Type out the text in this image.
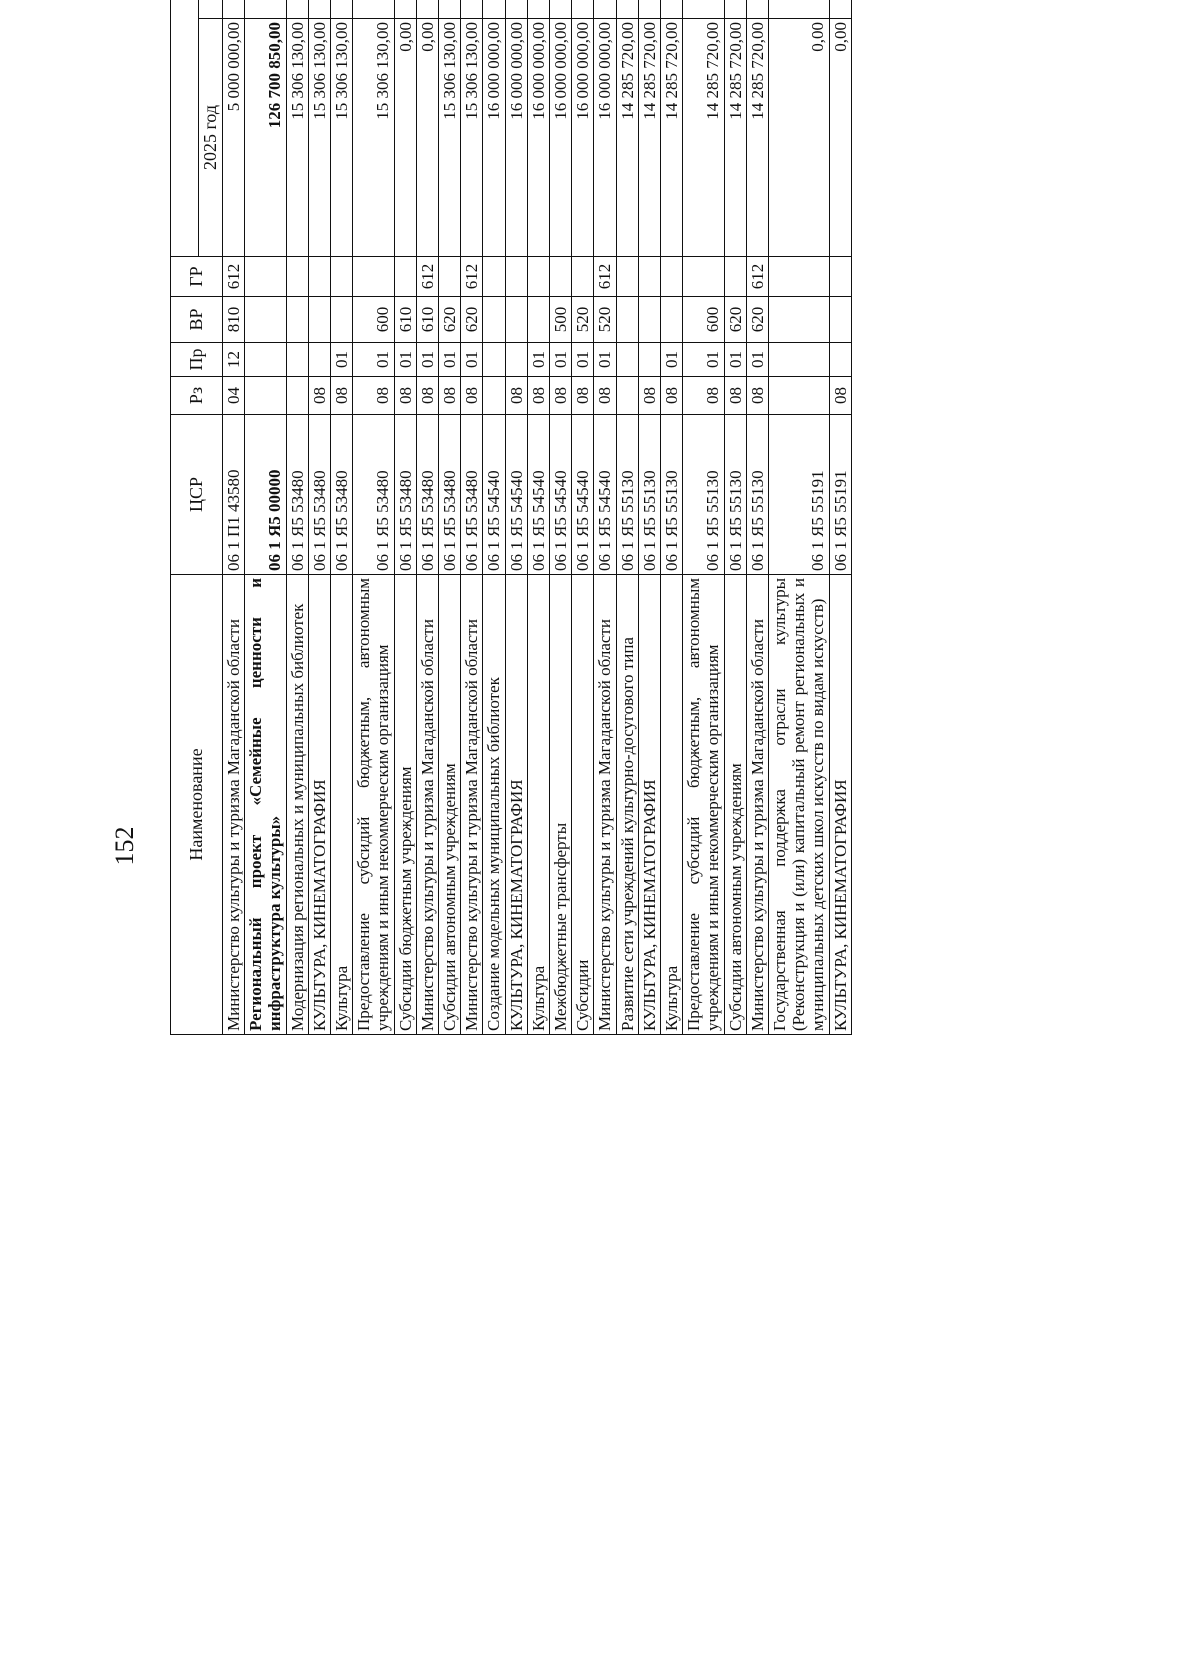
152	Наименование	ЦСР	Рз	Пр	ВР	ГР	
						2025 год		
Министерство культуры и туризма Магаданской области	06 1 П1 43580	04	12	810	612	5 000 000,00		
Региональный проект «Семейные ценности и инфраструктура культуры»	06 1 Я5 00000					126 700 850,00		
Модернизация региональных и муниципальных библиотек	06 1 Я5 53480					15 306 130,00		
КУЛЬТУРА, КИНЕМАТОГРАФИЯ	06 1 Я5 53480	08				15 306 130,00		
Культура	06 1 Я5 53480	08	01			15 306 130,00		
Предоставление субсидий бюджетным, автономным учреждениям и иным некоммерческим организациям	06 1 Я5 53480	08	01	600		15 306 130,00		
Субсидии бюджетным учреждениям	06 1 Я5 53480	08	01	610		0,00		
Министерство культуры и туризма Магаданской области	06 1 Я5 53480	08	01	610	612	0,00		
Субсидии автономным учреждениям	06 1 Я5 53480	08	01	620		15 306 130,00		
Министерство культуры и туризма Магаданской области	06 1 Я5 53480	08	01	620	612	15 306 130,00		
Создание модельных муниципальных библиотек	06 1 Я5 54540					16 000 000,00		
КУЛЬТУРА, КИНЕМАТОГРАФИЯ	06 1 Я5 54540	08				16 000 000,00		
Культура	06 1 Я5 54540	08	01			16 000 000,00		
Межбюджетные трансферты	06 1 Я5 54540	08	01	500		16 000 000,00		
Субсидии	06 1 Я5 54540	08	01	520		16 000 000,00		
Министерство культуры и туризма Магаданской области	06 1 Я5 54540	08	01	520	612	16 000 000,00		
Развитие сети учреждений культурно-досугового типа	06 1 Я5 55130					14 285 720,00		
КУЛЬТУРА, КИНЕМАТОГРАФИЯ	06 1 Я5 55130	08				14 285 720,00		
Культура	06 1 Я5 55130	08	01			14 285 720,00		
Предоставление субсидий бюджетным, автономным учреждениям и иным некоммерческим организациям	06 1 Я5 55130	08	01	600		14 285 720,00		
Субсидии автономным учреждениям	06 1 Я5 55130	08	01	620		14 285 720,00		
Министерство культуры и туризма Магаданской области	06 1 Я5 55130	08	01	620	612	14 285 720,00		
Государственная поддержка отрасли культуры (Реконструкция и (или) капитальный ремонт региональных и муниципальных детских школ искусств по видам искусств)	06 1 Я5 55191					0,00		
КУЛЬТУРА, КИНЕМАТОГРАФИЯ	06 1 Я5 55191	08				0,00		
